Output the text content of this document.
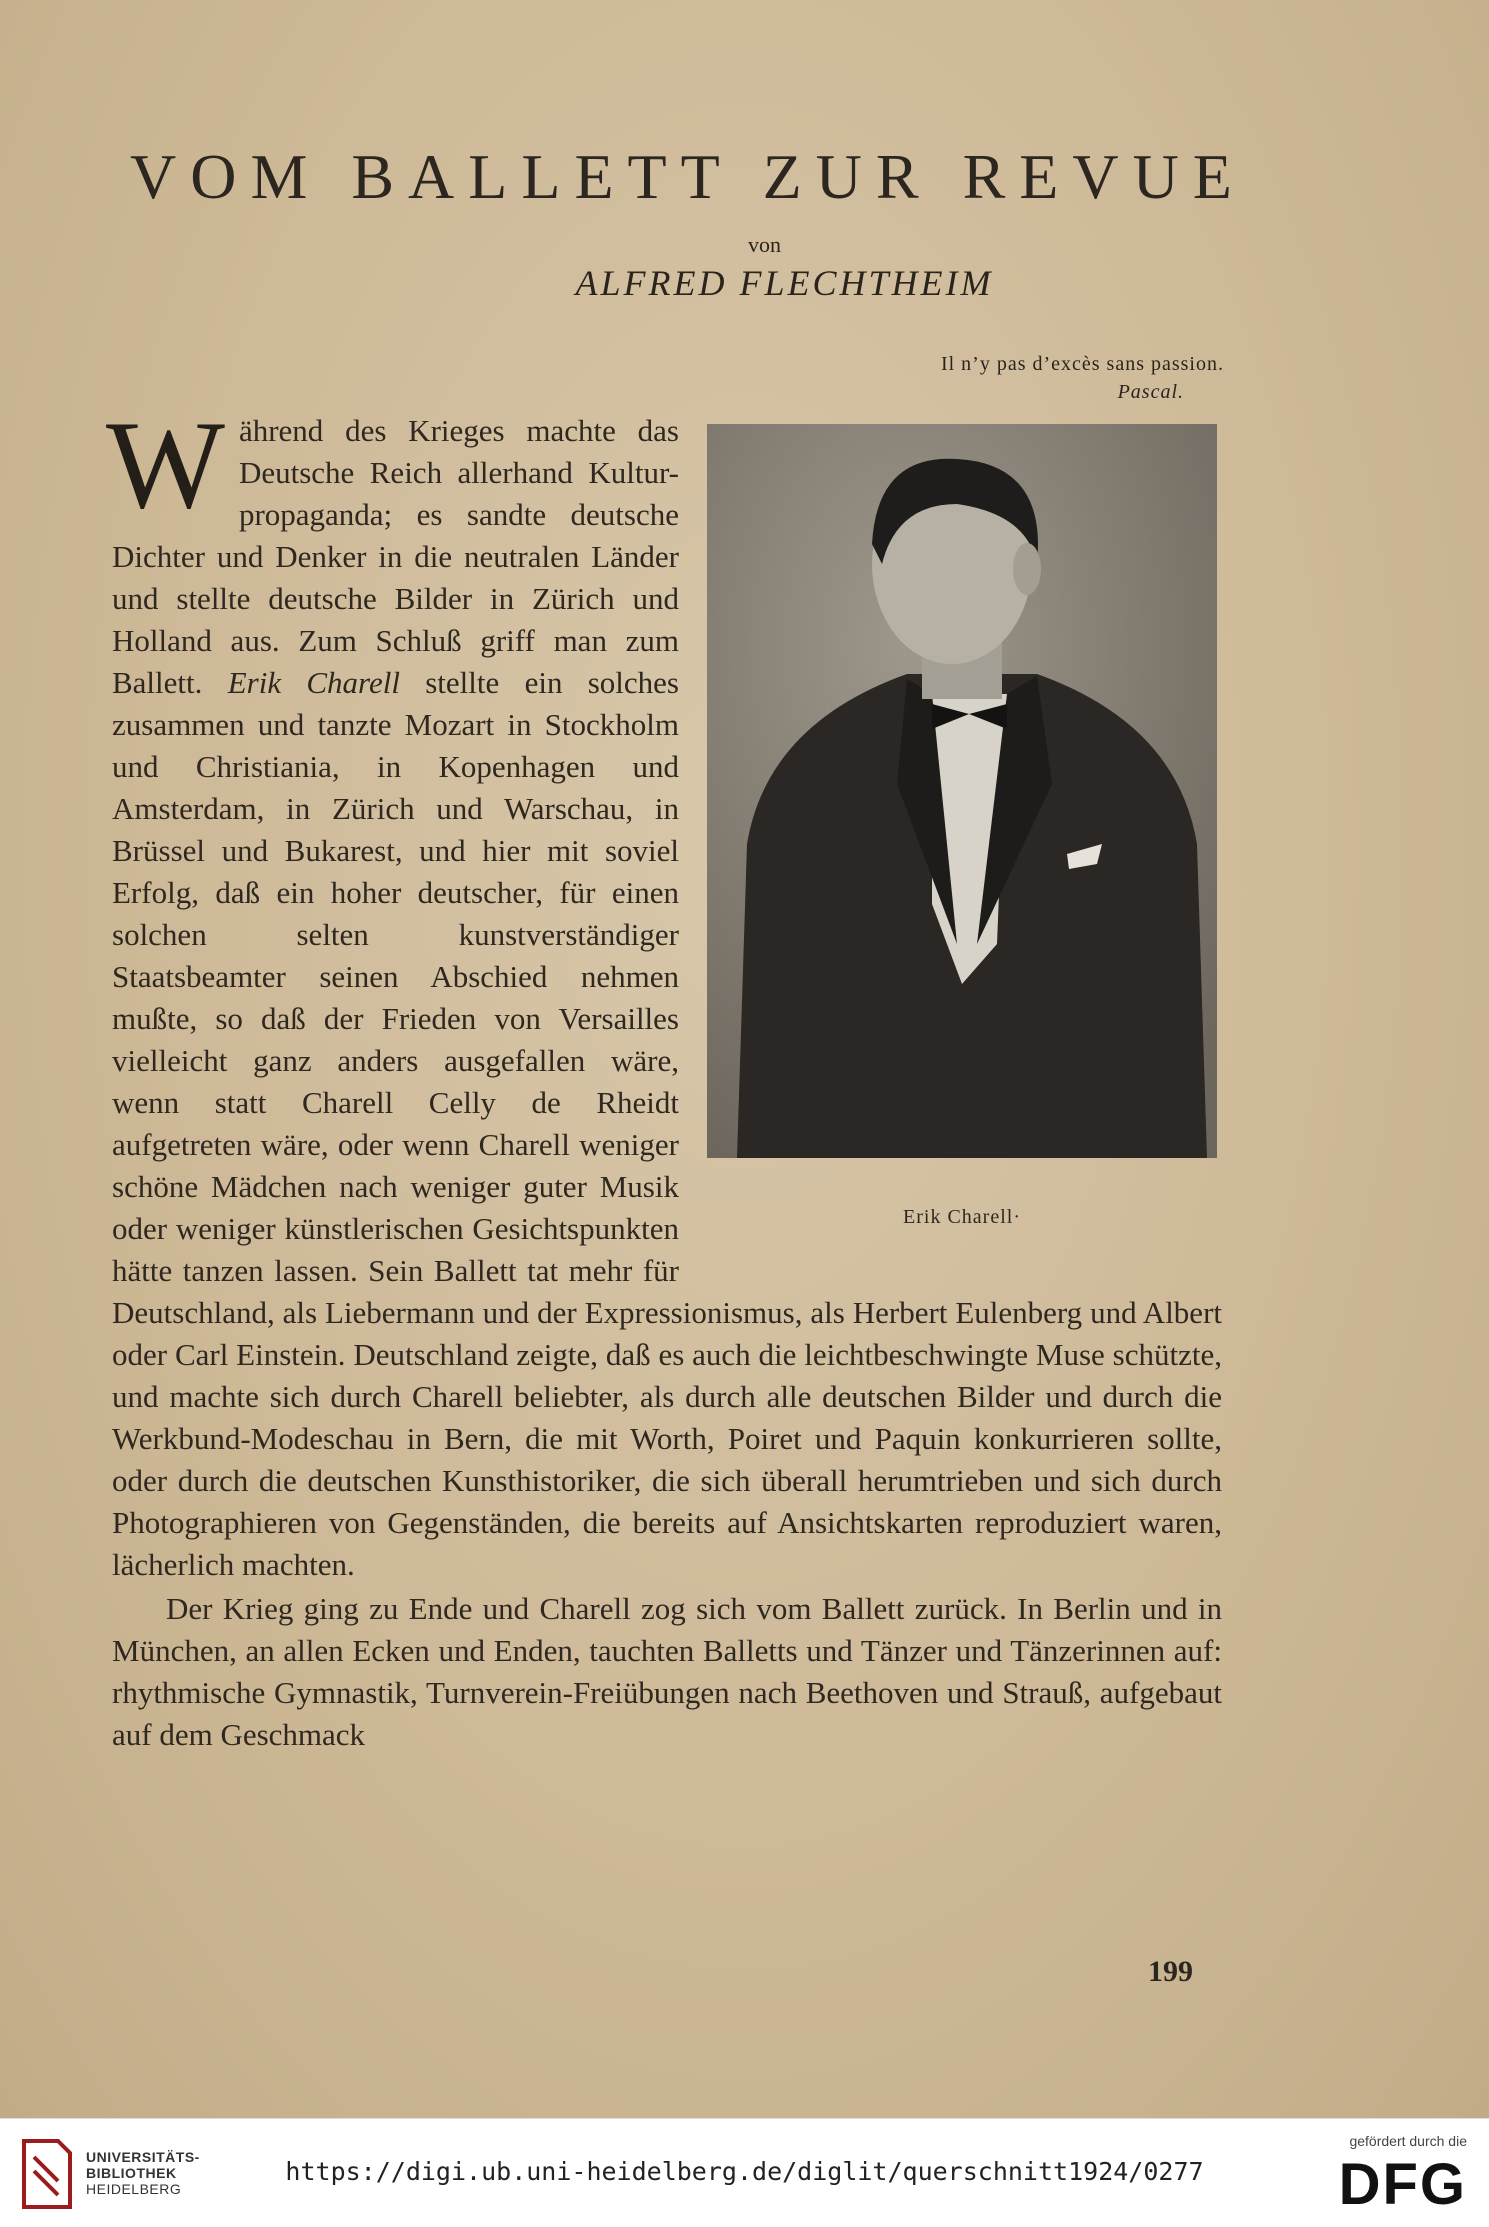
VOM BALLETT ZUR REVUE
von
ALFRED FLECHTHEIM
Il n’y pas d’excès sans passion.
Pascal.
W
Erik Charell·

ährend des Krieges machte das Deutsche Reich allerhand Kultur-propaganda; es sandte deutsche Dichter und Denker in die neutralen Länder und stellte deutsche Bilder in Zürich und Holland aus. Zum Schluß griff man zum Ballett. Erik Charell stellte ein solches zusammen und tanzte Mozart in Stockholm und Christiania, in Kopenhagen und Amsterdam, in Zürich und Warschau, in Brüssel und Bukarest, und hier mit soviel Erfolg, daß ein hoher deutscher, für einen solchen selten kunstverständiger Staatsbeamter seinen Abschied nehmen mußte, so daß der Frieden von Versailles vielleicht ganz anders ausgefallen wäre, wenn statt Charell Celly de Rheidt aufgetreten wäre, oder wenn Charell weniger schöne Mädchen nach weniger guter Musik oder weniger künstlerischen Gesichtspunkten hätte tanzen lassen. Sein Ballett tat mehr für Deutschland, als Liebermann und der Expressionismus, als Herbert Eulenberg und Albert oder Carl Einstein. Deutschland zeigte, daß es auch die leichtbeschwingte Muse schützte, und machte sich durch Charell beliebter, als durch alle deutschen Bilder und durch die Werkbund-Modeschau in Bern, die mit Worth, Poiret und Paquin konkurrieren sollte, oder durch die deutschen Kunsthistoriker, die sich überall herumtrieben und sich durch Photographieren von Gegenständen, die bereits auf Ansichtskarten reproduziert waren, lächerlich machten.

Der Krieg ging zu Ende und Charell zog sich vom Ballett zurück. In Berlin und in München, an allen Ecken und Enden, tauchten Balletts und Tänzer und Tänzerinnen auf: rhythmische Gymnastik, Turnverein-Freiübungen nach Beethoven und Strauß, aufgebaut auf dem Geschmack

199
UNIVERSITÄTS-
BIBLIOTHEK
HEIDELBERG
https://digi.ub.uni-heidelberg.de/diglit/querschnitt1924/0277
gefördert durch die
DFG
